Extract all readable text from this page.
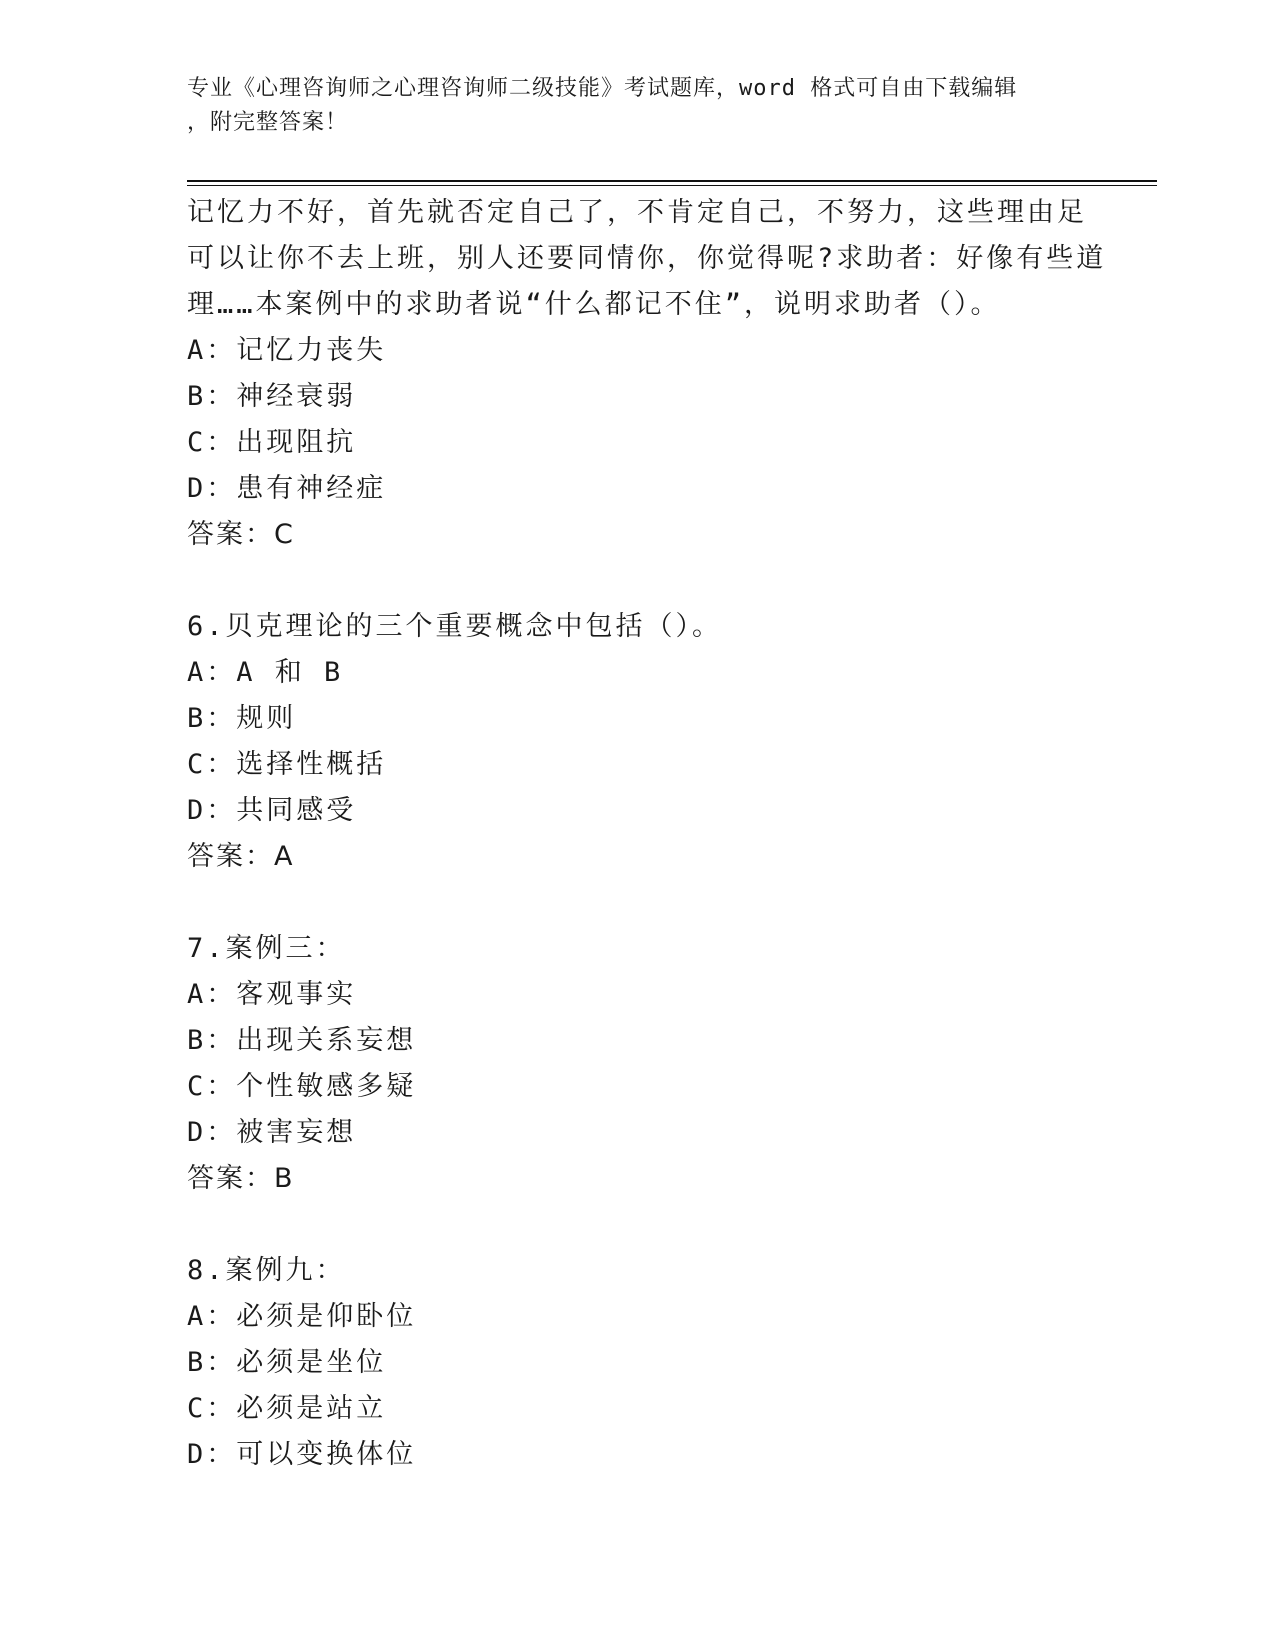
专业《心理咨询师之心理咨询师二级技能》考试题库，word 格式可自由下载编辑
，附完整答案！
记忆力不好，首先就否定自己了，不肯定自己，不努力，这些理由足
可以让你不去上班，别人还要同情你，你觉得呢?求助者：好像有些道
理……本案例中的求助者说“什么都记不住”，说明求助者（）。
A：记忆力丧失
B：神经衰弱
C：出现阻抗
D：患有神经症
答案：C
6.贝克理论的三个重要概念中包括（）。
A：A 和 B
B：规则
C：选择性概括
D：共同感受
答案：A
7.案例三：
A：客观事实
B：出现关系妄想
C：个性敏感多疑
D：被害妄想
答案：B
8.案例九：
A：必须是仰卧位
B：必须是坐位
C：必须是站立
D：可以变换体位
